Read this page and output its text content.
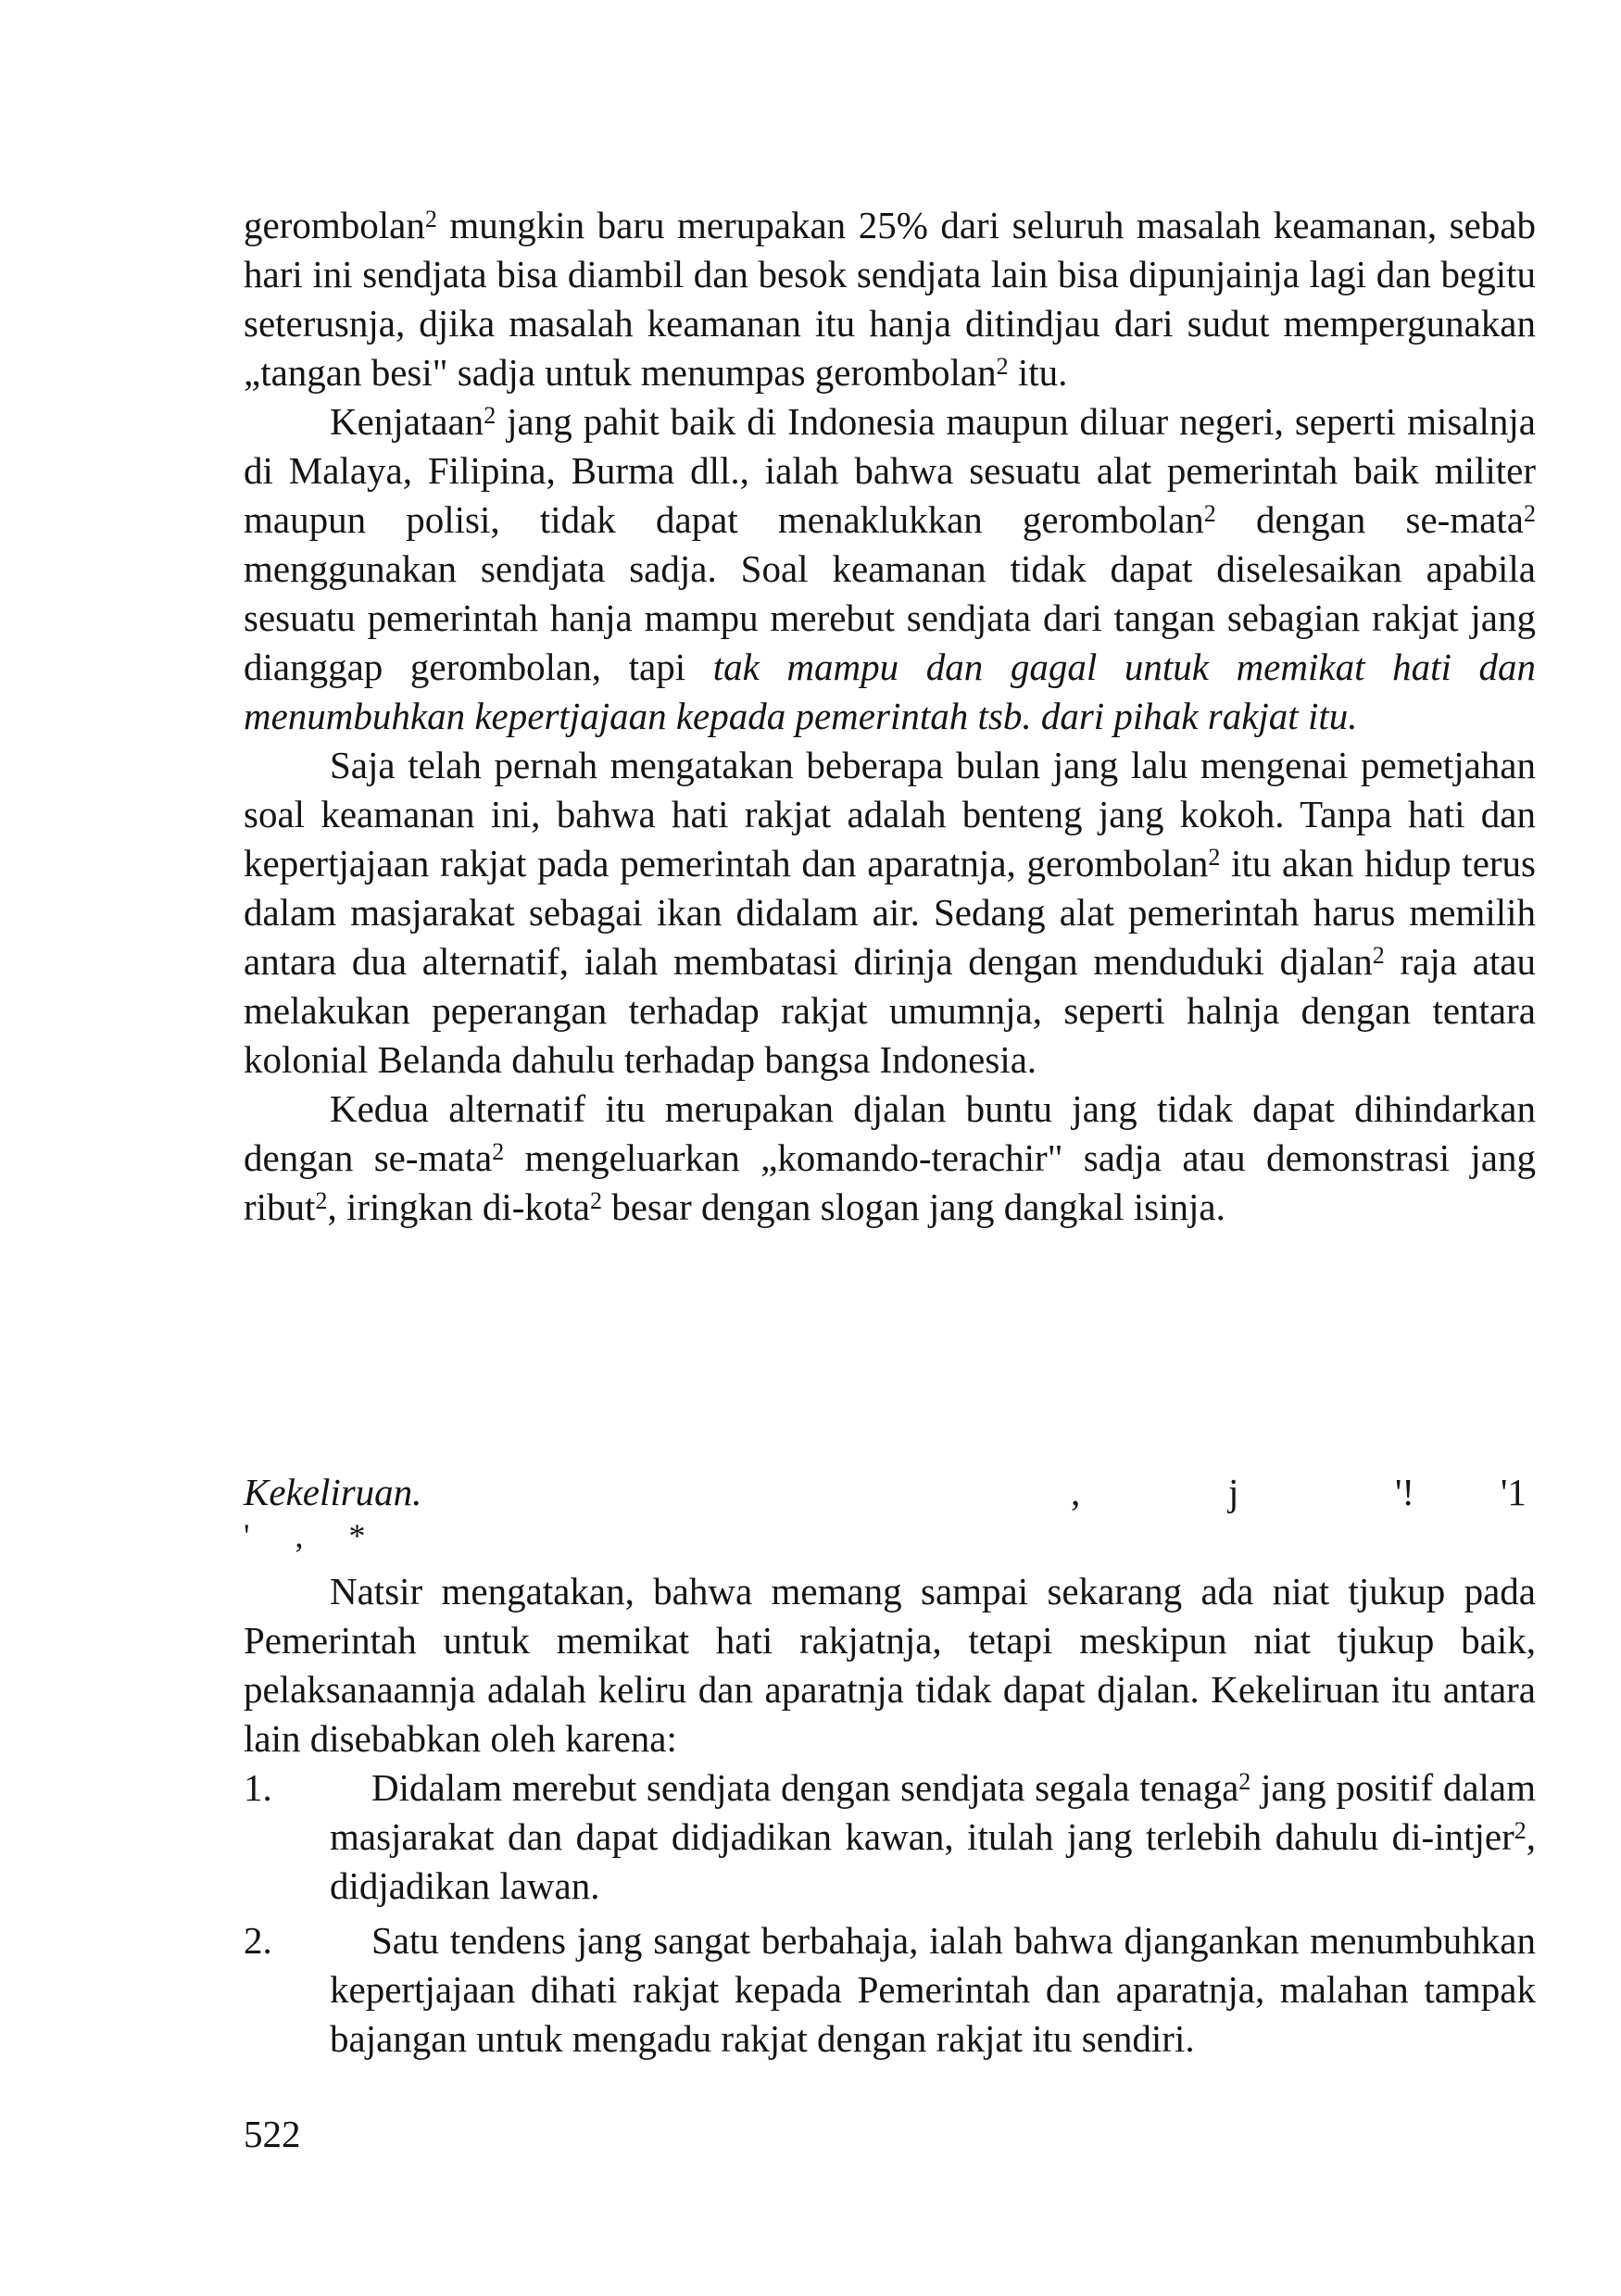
gerombolan$^2$ mungkin baru merupakan 25% dari seluruh masalah keamanan, sebab hari ini sendjata bisa diambil dan besok sendjata lain bisa dipunjainja lagi dan begitu seterusnja, djika masalah keamanan itu hanja ditindjau dari sudut mempergunakan „tangan besi" sadja untuk menumpas gerombolan$^2$ itu.

Kenjataan$^2$ jang pahit baik di Indonesia maupun diluar negeri, seperti misalnja di Malaya, Filipina, Burma dll., ialah bahwa sesuatu alat pemerintah baik militer maupun polisi, tidak dapat menaklukkan gerombolan$^2$ dengan se-mata$^2$ menggunakan sendjata sadja. Soal keamanan tidak dapat diselesaikan apabila sesuatu pemerintah hanja mampu merebut sendjata dari tangan sebagian rakjat jang dianggap gerombolan, tapi tak mampu dan gagal untuk memikat hati dan menumbuhkan kepertjajaan kepada pemerintah tsb. dari pihak rakjat itu.

Saja telah pernah mengatakan beberapa bulan jang lalu mengenai pemetjahan soal keamanan ini, bahwa hati rakjat adalah benteng jang kokoh. Tanpa hati dan kepertjajaan rakjat pada pemerintah dan aparatnja, gerombolan$^2$ itu akan hidup terus dalam masjarakat sebagai ikan didalam air. Sedang alat pemerintah harus memilih antara dua alternatif, ialah membatasi dirinja dengan menduduki djalan$^2$ raja atau melakukan peperangan terhadap rakjat umumnja, seperti halnja dengan tentara kolonial Belanda dahulu terhadap bangsa Indonesia.

Kedua alternatif itu merupakan djalan buntu jang tidak dapat dihindarkan dengan se-mata$^2$ mengeluarkan „komando-terachir" sadja atau demonstrasi jang ribut$^2$, iringkan di-kota$^2$ besar dengan slogan jang dangkal isinja.

Kekeliruan.	,	j	'! '1
' , *

Natsir mengatakan, bahwa memang sampai sekarang ada niat tjukup pada Pemerintah untuk memikat hati rakjatnja, tetapi meskipun niat tjukup baik, pelaksanaannja adalah keliru dan aparatnja tidak dapat djalan. Kekeliruan itu antara lain disebabkan oleh karena:

1.	Didalam merebut sendjata dengan sendjata segala tenaga$^2$ jang positif dalam masjarakat dan dapat didjadikan kawan, itulah jang terlebih dahulu di-intjer$^2$, didjadikan lawan.
2.	Satu tendens jang sangat berbahaja, ialah bahwa djangankan menumbuhkan kepertjajaan dihati rakjat kepada Pemerintah dan aparatnja, malahan tampak bajangan untuk mengadu rakjat dengan rakjat itu sendiri.
522
